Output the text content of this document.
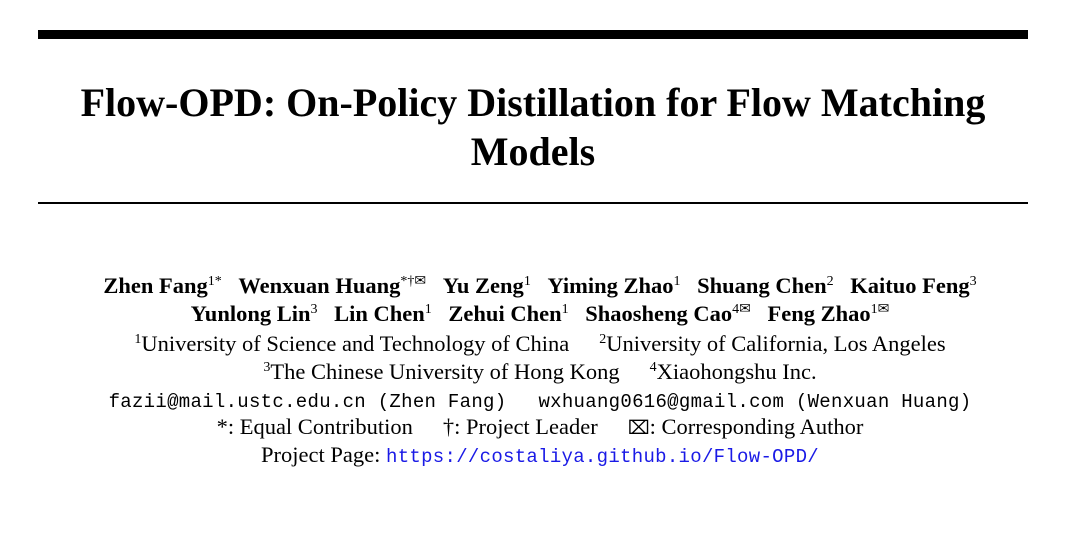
Flow-OPD: On-Policy Distillation for Flow Matching Models
Zhen Fang$^{1*}$ Wenxuan Huang*†✉ Yu Zeng$^1$ Yiming Zhao$^1$ Shuang Chen$^2$ Kaituo Feng$^3$
Yunlong Lin$^3$ Lin Chen$^1$ Zehui Chen$^1$ Shaosheng Cao$^{4✉}$ Feng Zhao$^{1✉}$
$^1$University of Science and Technology of China $^2$University of California, Los Angeles
$^3$The Chinese University of Hong Kong $^4$Xiaohongshu Inc.
fazii@mail.ustc.edu.cn (Zhen Fang) wxhuang0616@gmail.com (Wenxuan Huang)
*: Equal Contribution †: Project Leader ⌧: Corresponding Author
Project Page: https://costaliya.github.io/Flow-OPD/
